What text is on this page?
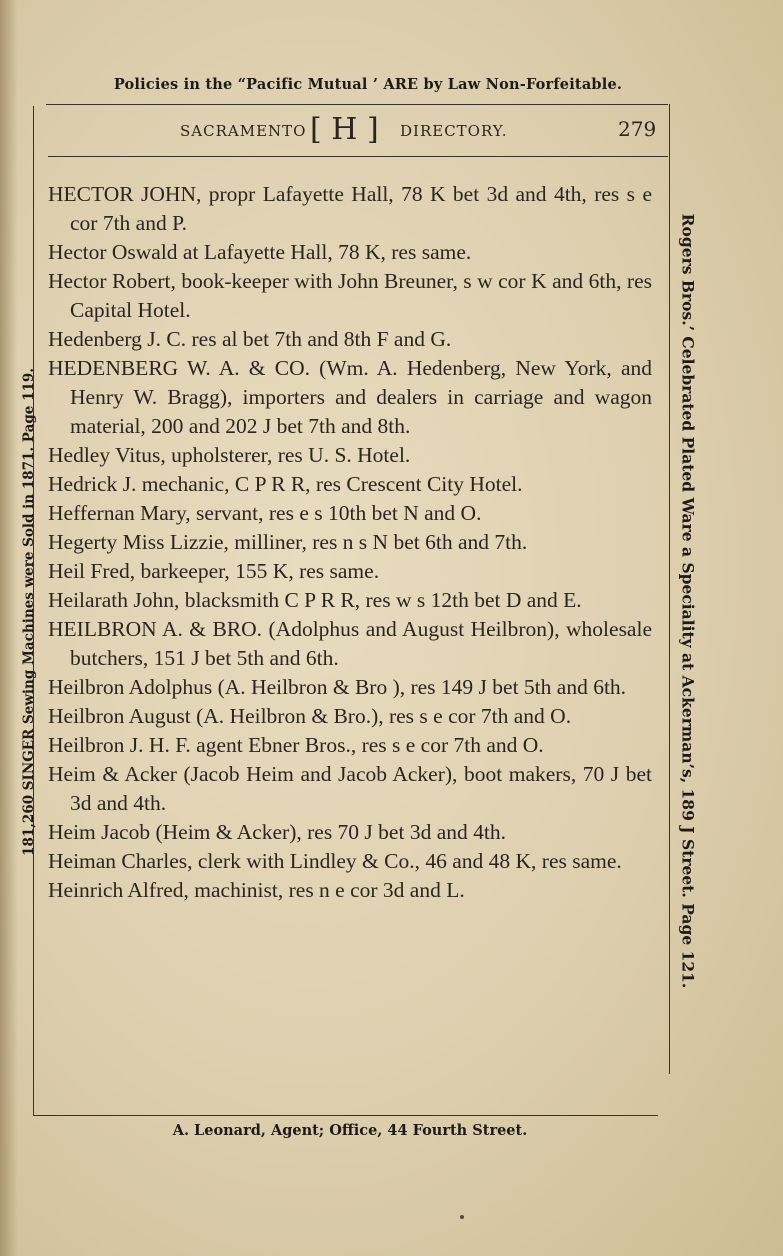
Policies in the “Pacific Mutual ’ ARE by Law Non-Forfeitable.
SACRAMENTO [ H ] DIRECTORY.	279
HECTOR JOHN, propr Lafayette Hall, 78 K bet 3d and 4th, res s e cor 7th and P.
Hector Oswald at Lafayette Hall, 78 K, res same.
Hector Robert, book-keeper with John Breuner, s w cor K and 6th, res Capital Hotel.
Hedenberg J. C. res al bet 7th and 8th F and G.
HEDENBERG W. A. & CO. (Wm. A. Hedenberg, New York, and Henry W. Bragg), importers and dealers in carriage and wagon material, 200 and 202 J bet 7th and 8th.
Hedley Vitus, upholsterer, res U. S. Hotel.
Hedrick J. mechanic, C P R R, res Crescent City Hotel.
Heffernan Mary, servant, res e s 10th bet N and O.
Hegerty Miss Lizzie, milliner, res n s N bet 6th and 7th.
Heil Fred, barkeeper, 155 K, res same.
Heilarath John, blacksmith C P R R, res w s 12th bet D and E.
HEILBRON A. & BRO. (Adolphus and August Heilbron), wholesale butchers, 151 J bet 5th and 6th.
Heilbron Adolphus (A. Heilbron & Bro ), res 149 J bet 5th and 6th.
Heilbron August (A. Heilbron & Bro.), res s e cor 7th and O.
Heilbron J. H. F. agent Ebner Bros., res s e cor 7th and O.
Heim & Acker (Jacob Heim and Jacob Acker), boot makers, 70 J bet 3d and 4th.
Heim Jacob (Heim & Acker), res 70 J bet 3d and 4th.
Heiman Charles, clerk with Lindley & Co., 46 and 48 K, res same.
Heinrich Alfred, machinist, res n e cor 3d and L.
181,260 SINGER Sewing Machines were Sold in 1871. Page 119.	Rogers Bros.’ Celebrated Plated Ware a Speciality at Ackerman’s, 189 J Street. Page 121.
A. Leonard, Agent; Office, 44 Fourth Street.
